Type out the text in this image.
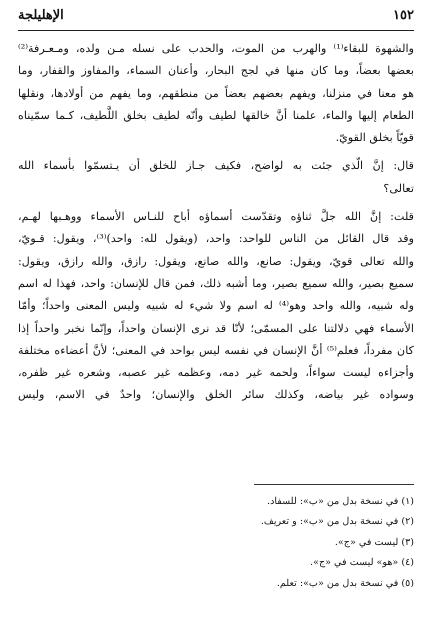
١٥٢
الإهليلجة

والشهوة للبقاء⁽¹⁾ والهرب من الموت، والحدب على نسله مـن ولده، ومـعـرفة⁽²⁾
بعضها بعضاً، وما كان منها في لجج البحار، وأعنان السماء، والمفاوز والقفار، وما
هو معنا في منزلنا، ويفهم بعضهم بعضاً من منطقهم، وما يفهم من أولادها، ونقلها
الطعام إليها والماء، علمنا أنَّ خالقها لطيف وأنّه لطيف بخلق اللَّطيف، كـما سمّيناه
قويّاً بخلق القويّ.

قال: إنَّ الّذي جئت به لواضح، فكيف جـاز للخلق أن يـتسمّوا بأسماء الله
تعالى؟

قلت: إنَّ الله جلَّ ثناؤه وتقدّست أسماؤه أباح للنـاس الأسماء ووهـبها لهـم،
وقد قال القائل من الناس للواحد: واحد، (ويقول لله: واحد)⁽³⁾، ويقول: قـويّ،
والله تعالى قويّ، ويقول: صانع، والله صانع، ويقول: رازق، والله رازق، ويقول:
سميع بصير، والله سميع بصير، وما أشبه ذلك، فمن قال للإنسان: واحد، فهذا له اسم
وله شبيه، والله واحد وهو⁽⁴⁾ له اسم ولا شيء له شبيه وليس المعنى واحداً؛ وأمّا
الأسماء فهي دلالتنا على المسمّى؛ لأنّا قد نرى الإنسان واحداً، وإنّما نخبر واحداً إذا
كان مفرداً، فعلم⁽⁵⁾ أنَّ الإنسان في نفسه ليس بواحد في المعنى؛ لأنَّ أعضاءه مختلفة
وأجزاءه ليست سواءاً، ولحمه غير دمه، وعظمه غير عصبه، وشعره غير ظفره،
وسواده غير بياضه، وكذلك سائر الخلق والإنسان؛ واحدٌ في الاسم، وليس

(١) في نسخة بدل من «ب»: للسفاد.
(٢) في نسخة بدل من «ب»: و تعريف.
(٣) ليست في «ج».
(٤) «هو» ليست في «ج».
(٥) في نسخة بدل من «ب»: تعلم.
